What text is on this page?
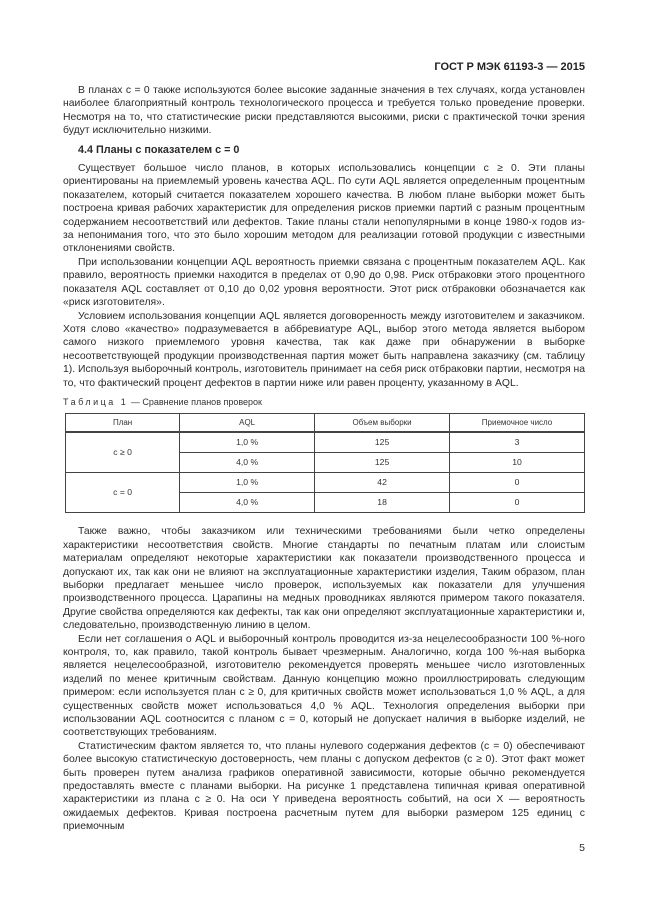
ГОСТ Р МЭК 61193-3 — 2015

В планах c = 0 также используются более высокие заданные значения в тех случаях, когда установлен наиболее благоприятный контроль технологического процесса и требуется только проведение проверки. Несмотря на то, что статистические риски представляются высокими, риски с практической точки зрения будут исключительно низкими.

4.4 Планы с показателем c = 0

Существует большое число планов, в которых использовались концепции c ≥ 0. Эти планы ориентированы на приемлемый уровень качества AQL. По сути AQL является определенным процентным показателем, который считается показателем хорошего качества. В любом плане выборки может быть построена кривая рабочих характеристик для определения рисков приемки партий с разным процентным содержанием несоответствий или дефектов. Такие планы стали непопулярными в конце 1980-х годов из-за непонимания того, что это было хорошим методом для реализации готовой продукции с известными отклонениями свойств.

При использовании концепции AQL вероятность приемки связана с процентным показателем AQL. Как правило, вероятность приемки находится в пределах от 0,90 до 0,98. Риск отбраковки этого процентного показателя AQL составляет от 0,10 до 0,02 уровня вероятности. Этот риск отбраковки обозначается как «риск изготовителя».

Условием использования концепции AQL является договоренность между изготовителем и заказчиком. Хотя слово «качество» подразумевается в аббревиатуре AQL, выбор этого метода является выбором самого низкого приемлемого уровня качества, так как даже при обнаружении в выборке несоответствующей продукции производственная партия может быть направлена заказчику (см. таблицу 1). Используя выборочный контроль, изготовитель принимает на себя риск отбраковки партии, несмотря на то, что фактический процент дефектов в партии ниже или равен проценту, указанному в AQL.

Таблица 1 — Сравнение планов проверок
План	AQL	Объем выборки	Приемочное число
c ≥ 0	1,0 %	125	3
	4,0 %	125	10
c = 0	1,0 %	42	0
	4,0 %	18	0

Также важно, чтобы заказчиком или техническими требованиями были четко определены характеристики несоответствия свойств. Многие стандарты по печатным платам или слоистым материалам определяют некоторые характеристики как показатели производственного процесса и допускают их, так как они не влияют на эксплуатационные характеристики изделия, Таким образом, план выборки предлагает меньшее число проверок, используемых как показатели для улучшения производственного процесса. Царапины на медных проводниках являются примером такого показателя. Другие свойства определяются как дефекты, так как они определяют эксплуатационные характеристики и, следовательно, производственную линию в целом.

Если нет соглашения о AQL и выборочный контроль проводится из-за нецелесообразности 100 %-ного контроля, то, как правило, такой контроль бывает чрезмерным. Аналогично, когда 100 %-ная выборка является нецелесообразной, изготовителю рекомендуется проверять меньшее число изготовленных изделий по менее критичным свойствам. Данную концепцию можно проиллюстрировать следующим примером: если используется план c ≥ 0, для критичных свойств может использоваться 1,0 % AQL, а для существенных свойств может использоваться 4,0 % AQL. Технология определения выборки при использовании AQL соотносится с планом c = 0, который не допускает наличия в выборке изделий, не соответствующих требованиям.

Статистическим фактом является то, что планы нулевого содержания дефектов (c = 0) обеспечивают более высокую статистическую достоверность, чем планы с допуском дефектов (c ≥ 0). Этот факт может быть проверен путем анализа графиков оперативной зависимости, которые обычно рекомендуется предоставлять вместе с планами выборки. На рисунке 1 представлена типичная кривая оперативной характеристики из плана c ≥ 0. На оси Y приведена вероятность событий, на оси X — вероятность ожидаемых дефектов. Кривая построена расчетным путем для выборки размером 125 единиц с приемочным

5
